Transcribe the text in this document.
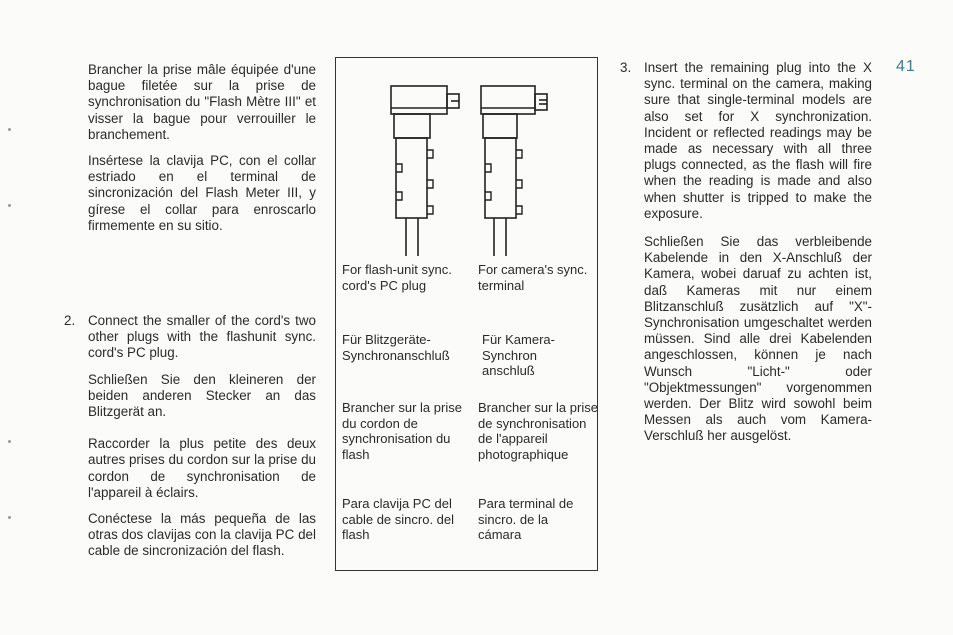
41

Brancher la prise mâle équipée d'une bague filetée sur la prise de synchronisation du "Flash Mètre III" et visser la bague pour verrouiller le branchement.

Insértese la clavija PC, con el collar estriado en el terminal de sincronización del Flash Meter III, y gírese el collar para enroscarlo firmemente en su sitio.

2. Connect the smaller of the cord's two other plugs with the flashunit sync. cord's PC plug.

Schließen Sie den kleineren der beiden anderen Stecker an das Blitzgerät an.

Raccorder la plus petite des deux autres prises du cordon sur la prise du cordon de synchronisation de l'appareil à éclairs.

Conéctese la más pequeña de las otras dos clavijas con la clavija PC del cable de sincronización del flash.

For flash-unit sync. cord's PC plug
For camera's sync. terminal
Für Blitzgeräte-Synchronanschluß
Für Kamera-Synchron anschluß
Brancher sur la prise du cordon de synchronisation du flash
Brancher sur la prise de synchronisation de l'appareil photographique
Para clavija PC del cable de sincro. del flash
Para terminal de sincro. de la cámara
3. Insert the remaining plug into the X sync. terminal on the camera, making sure that single-terminal models are also set for X synchronization. Incident or reflected readings may be made as necessary with all three plugs connected, as the flash will fire when the reading is made and also when shutter is tripped to make the exposure.

Schließen Sie das verbleibende Kabelende in den X-Anschluß der Kamera, wobei daruaf zu achten ist, daß Kameras mit nur einem Blitzanschluß zusätzlich auf "X"-Synchronisation umgeschaltet werden müssen. Sind alle drei Kabelenden angeschlossen, können je nach Wunsch "Licht-" oder "Objektmessungen" vorgenommen werden. Der Blitz wird sowohl beim Messen als auch vom Kamera-Verschluß her ausgelöst.
